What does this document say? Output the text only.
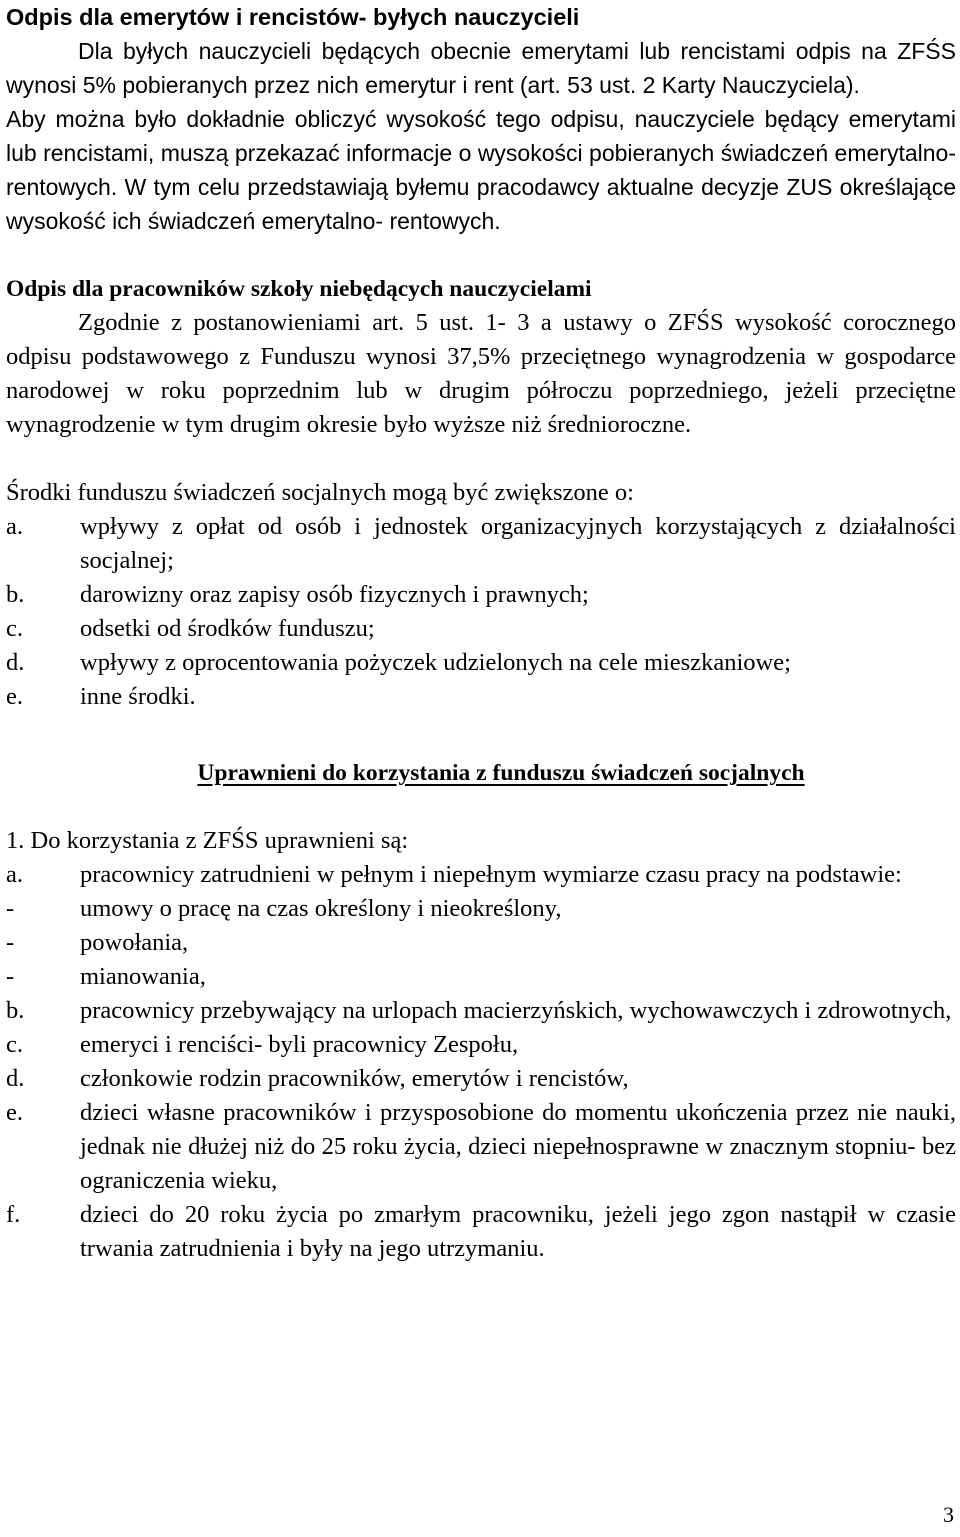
Odpis dla emerytów i rencistów- byłych nauczycieli

Dla byłych nauczycieli będących obecnie emerytami lub rencistami odpis na ZFŚS wynosi 5% pobieranych przez nich emerytur i rent (art. 53 ust. 2 Karty Nauczyciela).

Aby można było dokładnie obliczyć wysokość tego odpisu, nauczyciele będący emerytami lub rencistami, muszą przekazać informacje o wysokości pobieranych świadczeń emerytalno- rentowych. W tym celu przedstawiają byłemu pracodawcy aktualne decyzje ZUS określające wysokość ich świadczeń emerytalno- rentowych.

Odpis dla pracowników szkoły niebędących nauczycielami

Zgodnie z postanowieniami art. 5 ust. 1- 3 a ustawy o ZFŚS wysokość corocznego odpisu podstawowego z Funduszu wynosi 37,5% przeciętnego wynagrodzenia w gospodarce narodowej w roku poprzednim lub w drugim półroczu poprzedniego, jeżeli przeciętne wynagrodzenie w tym drugim okresie było wyższe niż średnioroczne.

Środki funduszu świadczeń socjalnych mogą być zwiększone o:

a.	wpływy z opłat od osób i jednostek organizacyjnych korzystających z działalności socjalnej;
b.	darowizny oraz zapisy osób fizycznych i prawnych;
c.	odsetki od środków funduszu;
d.	wpływy z oprocentowania pożyczek udzielonych na cele mieszkaniowe;
e.	inne środki.
Uprawnieni do korzystania z funduszu świadczeń socjalnych

1. Do korzystania z ZFŚS uprawnieni są:

a.	pracownicy zatrudnieni w pełnym i niepełnym wymiarze czasu pracy na podstawie:
-	umowy o pracę na czas określony i nieokreślony,
-	powołania,
-	mianowania,
b.	pracownicy przebywający na urlopach macierzyńskich, wychowawczych i zdrowotnych,
c.	emeryci i renciści- byli pracownicy Zespołu,
d.	członkowie rodzin pracowników, emerytów i rencistów,
e.	dzieci własne pracowników i przysposobione do momentu ukończenia przez nie nauki, jednak nie dłużej niż do 25 roku życia, dzieci niepełnosprawne w znacznym stopniu- bez ograniczenia wieku,
f.	dzieci do 20 roku życia po zmarłym pracowniku, jeżeli jego zgon nastąpił w czasie trwania zatrudnienia i były na jego utrzymaniu.
3
